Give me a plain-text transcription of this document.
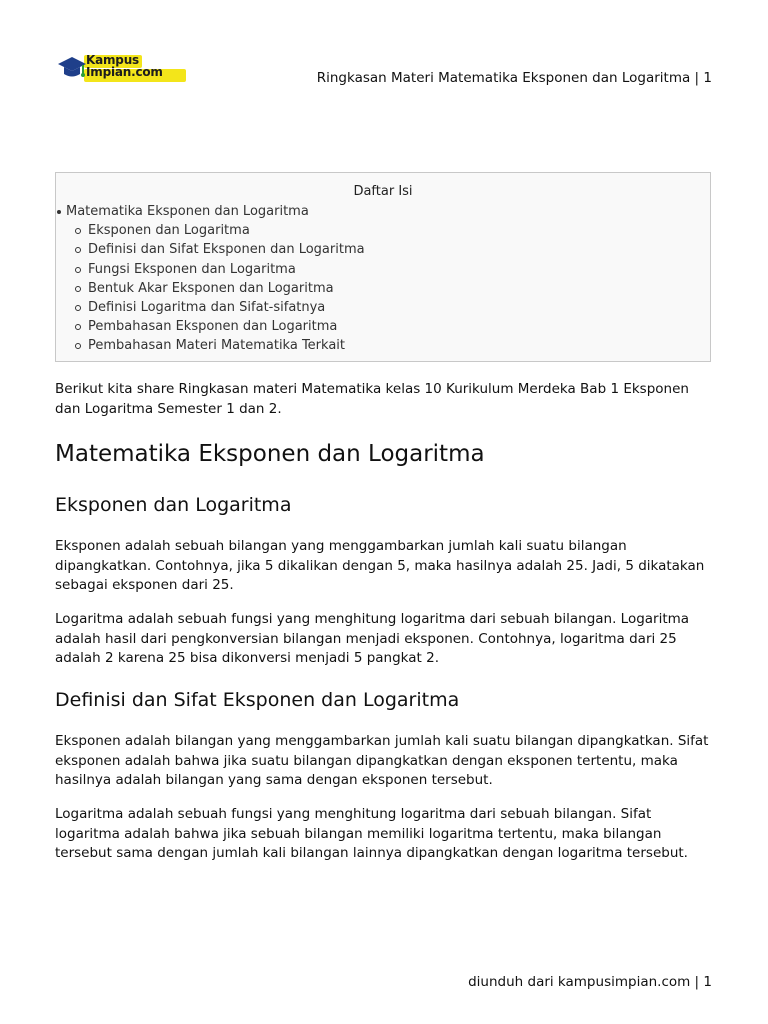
Kampus
Impian.com	Ringkasan Materi Matematika Eksponen dan Logaritma | 1
Daftar Isi
Matematika Eksponen dan Logaritma
Eksponen dan Logaritma
Definisi dan Sifat Eksponen dan Logaritma
Fungsi Eksponen dan Logaritma
Bentuk Akar Eksponen dan Logaritma
Definisi Logaritma dan Sifat-sifatnya
Pembahasan Eksponen dan Logaritma
Pembahasan Materi Matematika Terkait

Berikut kita share Ringkasan materi Matematika kelas 10 Kurikulum Merdeka Bab 1 Eksponen dan Logaritma Semester 1 dan 2.

Matematika Eksponen dan Logaritma
Eksponen dan Logaritma

Eksponen adalah sebuah bilangan yang menggambarkan jumlah kali suatu bilangan dipangkatkan. Contohnya, jika 5 dikalikan dengan 5, maka hasilnya adalah 25. Jadi, 5 dikatakan sebagai eksponen dari 25.

Logaritma adalah sebuah fungsi yang menghitung logaritma dari sebuah bilangan. Logaritma adalah hasil dari pengkonversian bilangan menjadi eksponen. Contohnya, logaritma dari 25 adalah 2 karena 25 bisa dikonversi menjadi 5 pangkat 2.

Definisi dan Sifat Eksponen dan Logaritma

Eksponen adalah bilangan yang menggambarkan jumlah kali suatu bilangan dipangkatkan. Sifat eksponen adalah bahwa jika suatu bilangan dipangkatkan dengan eksponen tertentu, maka hasilnya adalah bilangan yang sama dengan eksponen tersebut.

Logaritma adalah sebuah fungsi yang menghitung logaritma dari sebuah bilangan. Sifat logaritma adalah bahwa jika sebuah bilangan memiliki logaritma tertentu, maka bilangan tersebut sama dengan jumlah kali bilangan lainnya dipangkatkan dengan logaritma tersebut.

diunduh dari kampusimpian.com | 1
